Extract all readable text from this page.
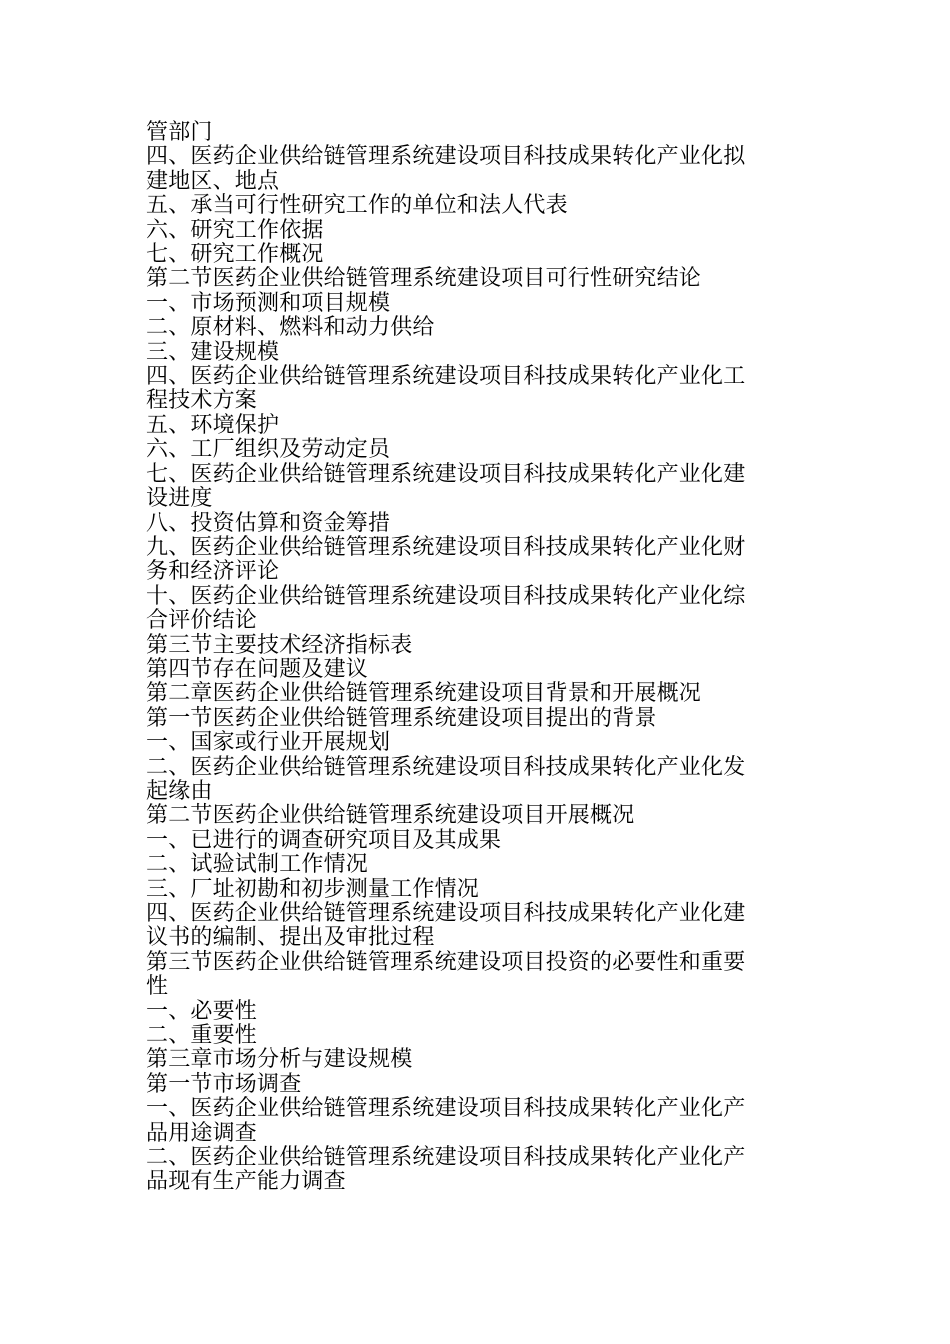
管部门
四、医药企业供给链管理系统建设项目科技成果转化产业化拟
建地区、地点
五、承当可行性研究工作的单位和法人代表
六、研究工作依据
七、研究工作概况
第二节医药企业供给链管理系统建设项目可行性研究结论
一、市场预测和项目规模
二、原材料、燃料和动力供给
三、建设规模
四、医药企业供给链管理系统建设项目科技成果转化产业化工
程技术方案
五、环境保护
六、工厂组织及劳动定员
七、医药企业供给链管理系统建设项目科技成果转化产业化建
设进度
八、投资估算和资金筹措
九、医药企业供给链管理系统建设项目科技成果转化产业化财
务和经济评论
十、医药企业供给链管理系统建设项目科技成果转化产业化综
合评价结论
第三节主要技术经济指标表
第四节存在问题及建议
第二章医药企业供给链管理系统建设项目背景和开展概况
第一节医药企业供给链管理系统建设项目提出的背景
一、国家或行业开展规划
二、医药企业供给链管理系统建设项目科技成果转化产业化发
起缘由
第二节医药企业供给链管理系统建设项目开展概况
一、已进行的调查研究项目及其成果
二、试验试制工作情况
三、厂址初勘和初步测量工作情况
四、医药企业供给链管理系统建设项目科技成果转化产业化建
议书的编制、提出及审批过程
第三节医药企业供给链管理系统建设项目投资的必要性和重要
性
一、必要性
二、重要性
第三章市场分析与建设规模
第一节市场调查
一、医药企业供给链管理系统建设项目科技成果转化产业化产
品用途调查
二、医药企业供给链管理系统建设项目科技成果转化产业化产
品现有生产能力调查
